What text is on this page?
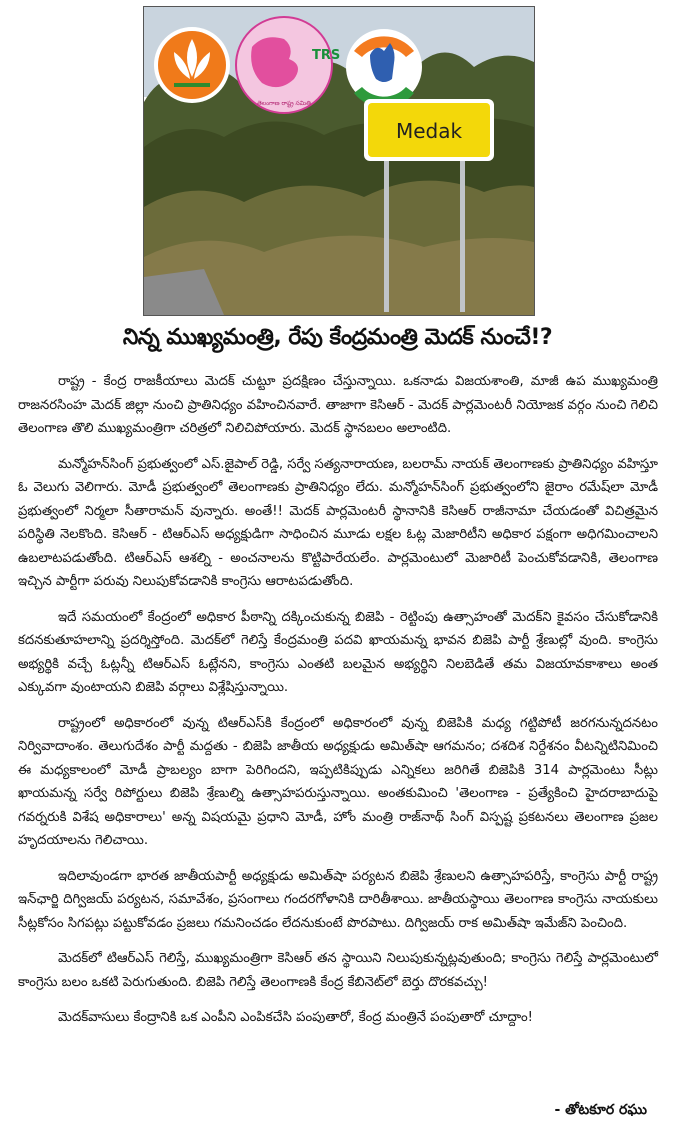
TRS
తెలంగాణ రాష్ట్ర సమితి
Medak
నిన్న ముఖ్యమంత్రి, రేపు కేంద్రమంత్రి మెదక్ నుంచే!?

రాష్ట్ర - కేంద్ర రాజకీయాలు మెదక్ చుట్టూ ప్రదక్షిణం చేస్తున్నాయి. ఒకనాడు విజయశాంతి, మాజీ ఉప ముఖ్యమంత్రి రాజనరసింహ మెదక్ జిల్లా నుంచి ప్రాతినిధ్యం వహించినవారే. తాజాగా కెసిఆర్ - మెదక్ పార్లమెంటరీ నియోజక వర్గం నుంచి గెలిచి తెలంగాణ తొలి ముఖ్యమంత్రిగా చరిత్రలో నిలిచిపోయారు. మెదక్ స్థానబలం అలాంటిది.

మన్మోహన్‌సింగ్ ప్రభుత్వంలో ఎస్.జైపాల్ రెడ్డి, సర్వే సత్యనారాయణ, బలరామ్ నాయక్ తెలంగాణకు ప్రాతినిధ్యం వహిస్తూ ఓ వెలుగు వెలిగారు. మోడీ ప్రభుత్వంలో తెలంగాణకు ప్రాతినిధ్యం లేదు. మన్మోహన్‌సింగ్ ప్రభుత్వంలోని జైరాం రమేష్‌లా మోడీ ప్రభుత్వంలో నిర్మలా సీతారామన్ వున్నారు. అంతే!! మెదక్ పార్లమెంటరీ స్థానానికి కెసిఆర్ రాజీనామా చేయడంతో విచిత్రమైన పరిస్థితి నెలకొంది. కెసిఆర్ - టిఆర్ఎస్ అధ్యక్షుడిగా సాధించిన మూడు లక్షల ఓట్ల మెజారిటీని అధికార పక్షంగా అధిగమించాలని ఉబలాటపడుతోంది. టిఆర్ఎస్ ఆశల్ని - అంచనాలను కొట్టిపారేయలేం. పార్లమెంటులో మెజారిటీ పెంచుకోవడానికి, తెలంగాణ ఇచ్చిన పార్టీగా పరువు నిలుపుకోవడానికి కాంగ్రెసు ఆరాటపడుతోంది.

ఇదే సమయంలో కేంద్రంలో అధికార పీఠాన్ని దక్కించుకున్న బిజెపి - రెట్టింపు ఉత్సాహంతో మెదక్‌ని కైవసం చేసుకోడానికి కదనకుతూహలాన్ని ప్రదర్శిస్తోంది. మెదక్‌లో గెలిస్తే కేంద్రమంత్రి పదవి ఖాయమన్న భావన బిజెపి పార్టీ శ్రేణుల్లో వుంది. కాంగ్రెసు అభ్యర్థికి వచ్చే ఓట్లన్నీ టిఆర్ఎస్ ఓట్లేనని, కాంగ్రెసు ఎంతటి బలమైన అభ్యర్థిని నిలబెడితే తమ విజయావకాశాలు అంత ఎక్కువగా వుంటాయని బిజెపి వర్గాలు విశ్లేషిస్తున్నాయి.

రాష్ట్రంలో అధికారంలో వున్న టిఆర్ఎస్‌కి కేంద్రంలో అధికారంలో వున్న బిజెపికి మధ్య గట్టిపోటీ జరగనున్నదనటం నిర్వివాదాంశం. తెలుగుదేశం పార్టీ మద్దతు - బిజెపి జాతీయ అధ్యక్షుడు అమిత్‌షా ఆగమనం; దశదిశ నిర్దేశనం వీటన్నిటినిమించి ఈ మధ్యకాలంలో మోడీ ప్రాబల్యం బాగా పెరిగిందని, ఇప్పటికిప్పుడు ఎన్నికలు జరిగితే బిజెపికి 314 పార్లమెంటు సీట్లు ఖాయమన్న సర్వే రిపోర్టులు బిజెపి శ్రేణుల్ని ఉత్సాహపరుస్తున్నాయి. అంతకుమించి 'తెలంగాణ - ప్రత్యేకించి హైదరాబాదుపై గవర్నరుకి విశేష అధికారాలు' అన్న విషయమై ప్రధాని మోడీ, హోం మంత్రి రాజ్‌నాథ్ సింగ్ విస్పష్ట ప్రకటనలు తెలంగాణ ప్రజల హృదయాలను గెలిచాయి.

ఇదిలావుండగా భారత జాతీయపార్టీ అధ్యక్షుడు అమిత్‌షా పర్యటన బిజెపి శ్రేణులని ఉత్సాహపరిస్తే, కాంగ్రెసు పార్టీ రాష్ట్ర ఇన్‌ఛార్జి దిగ్విజయ్ పర్యటన, సమావేశం, ప్రసంగాలు గందరగోళానికి దారితీశాయి. జాతీయస్థాయి తెలంగాణ కాంగ్రెసు నాయకులు సీట్లకోసం సిగపట్లు పట్టుకోవడం ప్రజలు గమనించడం లేదనుకుంటే పొరపాటు. దిగ్విజయ్ రాక అమిత్‌షా ఇమేజ్‌ని పెంచింది.

మెదక్‌లో టిఆర్ఎస్ గెలిస్తే, ముఖ్యమంత్రిగా కెసిఆర్ తన స్థాయిని నిలుపుకున్నట్లవుతుంది; కాంగ్రెసు గెలిస్తే పార్లమెంటులో కాంగ్రెసు బలం ఒకటి పెరుగుతుంది. బిజెపి గెలిస్తే తెలంగాణకి కేంద్ర కేబినెట్‌లో బెర్తు దొరకవచ్చు!

మెదక్‌వాసులు కేంద్రానికి ఒక ఎంపీని ఎంపికచేసి పంపుతారో, కేంద్ర మంత్రినే పంపుతారో చూద్దాం!

- తోటకూర రఘు
